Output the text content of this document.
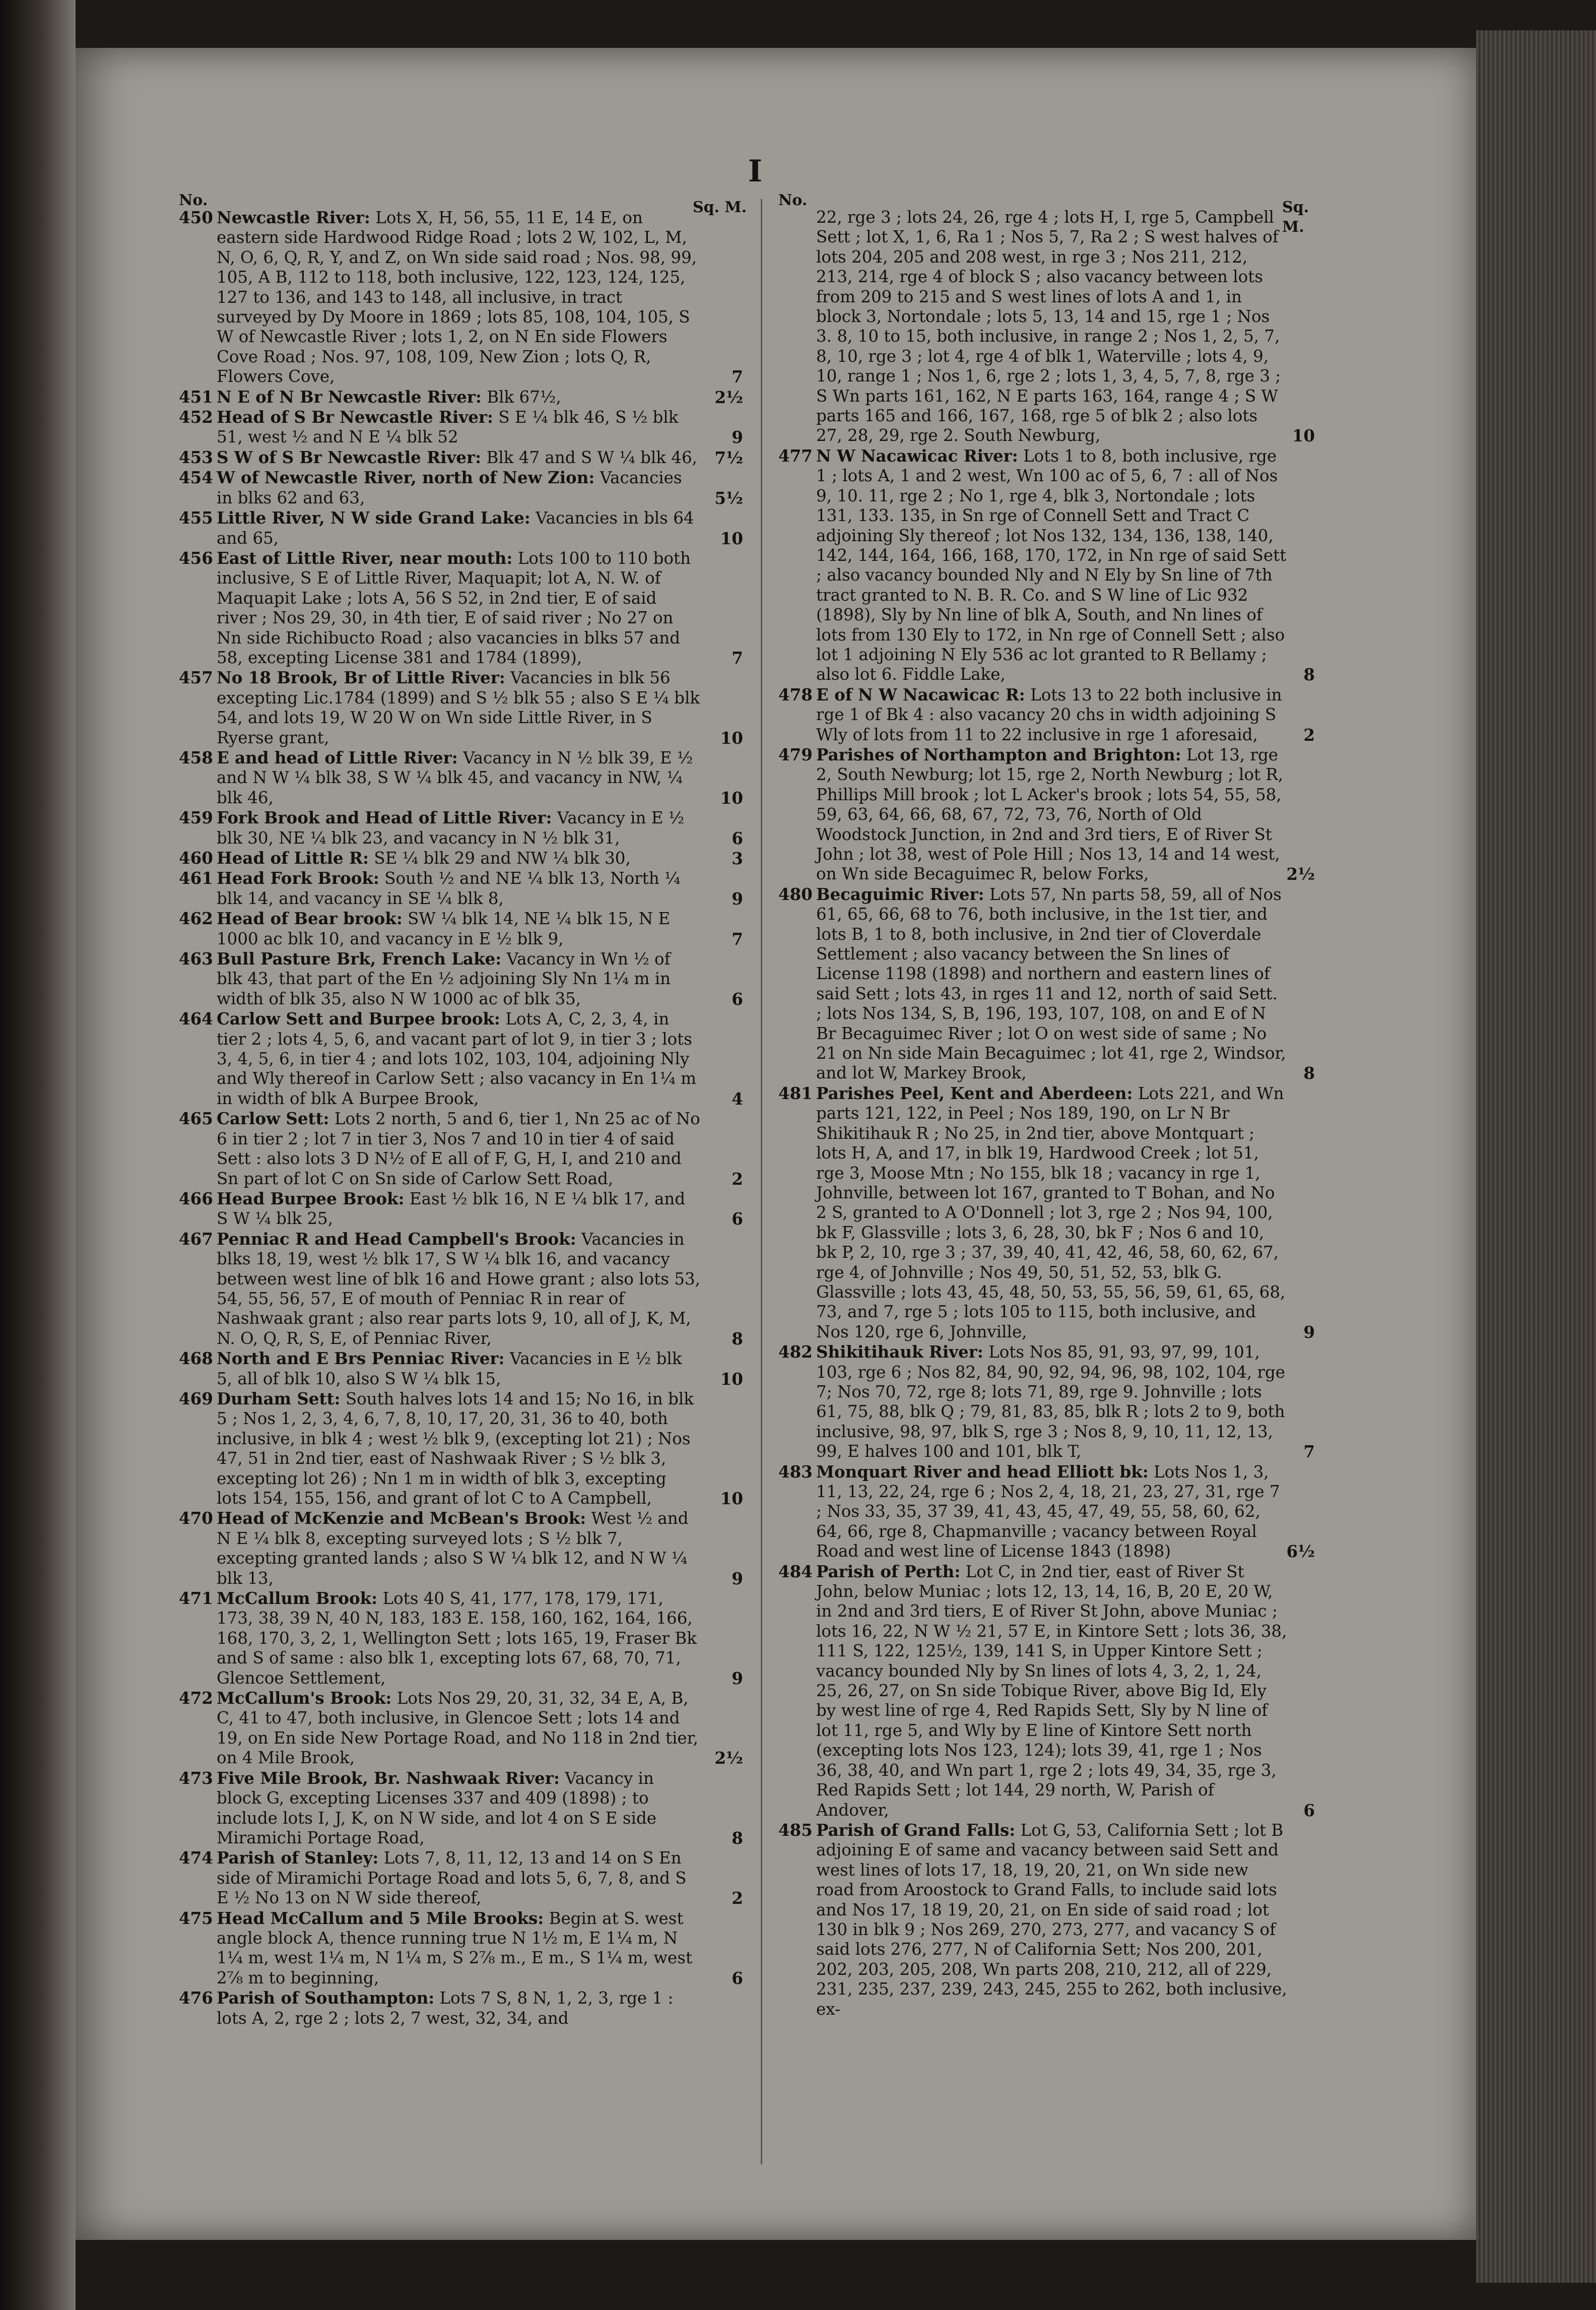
I
No.	Sq. M.
450 Newcastle River: Lots X, H, 56, 55, 11 E, 14 E, on eastern side Hardwood Ridge Road ; lots 2 W, 102, L, M, N, O, 6, Q, R, Y, and Z, on Wn side said road ; Nos. 98, 99, 105, A B, 112 to 118, both inclusive, 122, 123, 124, 125, 127 to 136, and 143 to 148, all inclusive, in tract surveyed by Dy Moore in 1869 ; lots 85, 108, 104, 105, S W of Newcastle River ; lots 1, 2, on N En side Flowers Cove Road ; Nos. 97, 108, 109, New Zion ; lots Q, R, Flowers Cove,	7
451 N E of N Br Newcastle River: Blk 67½,	2½
452 Head of S Br Newcastle River: S E ¼ blk 46, S ½ blk 51, west ½ and N E ¼ blk 52	9
453 S W of S Br Newcastle River: Blk 47 and S W ¼ blk 46, 7½
454 W of Newcastle River, north of New Zion: Vacancies in blks 62 and 63,	5½
455 Little River, N W side Grand Lake: Vacancies in bls 64 and 65,	10
456 East of Little River, near mouth: Lots 100 to 110 both inclusive, S E of Little River, Maquapit; lot A, N. W. of Maquapit Lake ; lots A, 56 S 52, in 2nd tier, E of said river ; Nos 29, 30, in 4th tier, E of said river ; No 27 on Nn side Richibucto Road ; also vacancies in blks 57 and 58, excepting License 381 and 1784 (1899),	7
457 No 18 Brook, Br of Little River: Vacancies in blk 56 excepting Lic.1784 (1899) and S ½ blk 55 ; also S E ¼ blk 54, and lots 19, W 20 W on Wn side Little River, in S Ryerse grant,	10
458 E and head of Little River: Vacancy in N ½ blk 39, E ½ and N W ¼ blk 38, S W ¼ blk 45, and vacancy in NW, ¼ blk 46,	10
459 Fork Brook and Head of Little River: Vacancy in E ½ blk 30, NE ¼ blk 23, and vacancy in N ½ blk 31,	6
460 Head of Little R: SE ¼ blk 29 and NW ¼ blk 30,	3
461 Head Fork Brook: South ½ and NE ¼ blk 13, North ¼ blk 14, and vacancy in SE ¼ blk 8,	9
462 Head of Bear brook: SW ¼ blk 14, NE ¼ blk 15, N E 1000 ac blk 10, and vacancy in E ½ blk 9,	7
463 Bull Pasture Brk, French Lake: Vacancy in Wn ½ of blk 43, that part of the En ½ adjoining Sly Nn 1¼ m in width of blk 35, also N W 1000 ac of blk 35,	6
464 Carlow Sett and Burpee brook: Lots A, C, 2, 3, 4, in tier 2 ; lots 4, 5, 6, and vacant part of lot 9, in tier 3 ; lots 3, 4, 5, 6, in tier 4 ; and lots 102, 103, 104, adjoining Nly and Wly thereof in Carlow Sett ; also vacancy in En 1¼ m in width of blk A Burpee Brook,	4
465 Carlow Sett: Lots 2 north, 5 and 6, tier 1, Nn 25 ac of No 6 in tier 2 ; lot 7 in tier 3, Nos 7 and 10 in tier 4 of said Sett : also lots 3 D N½ of E all of F, G, H, I, and 210 and Sn part of lot C on Sn side of Carlow Sett Road,	2
466 Head Burpee Brook: East ½ blk 16, N E ¼ blk 17, and S W ¼ blk 25,	6
467 Penniac R and Head Campbell's Brook: Vacancies in blks 18, 19, west ½ blk 17, S W ¼ blk 16, and vacancy between west line of blk 16 and Howe grant ; also lots 53, 54, 55, 56, 57, E of mouth of Penniac R in rear of Nashwaak grant ; also rear parts lots 9, 10, all of J, K, M, N. O, Q, R, S, E, of Penniac River,	8
468 North and E Brs Penniac River: Vacancies in E ½ blk 5, all of blk 10, also S W ¼ blk 15,	10
469 Durham Sett: South halves lots 14 and 15; No 16, in blk 5 ; Nos 1, 2, 3, 4, 6, 7, 8, 10, 17, 20, 31, 36 to 40, both inclusive, in blk 4 ; west ½ blk 9, (excepting lot 21) ; Nos 47, 51 in 2nd tier, east of Nashwaak River ; S ½ blk 3, excepting lot 26) ; Nn 1 m in width of blk 3, excepting lots 154, 155, 156, and grant of lot C to A Campbell,	10
470 Head of McKenzie and McBean's Brook: West ½ and N E ¼ blk 8, excepting surveyed lots ; S ½ blk 7, excepting granted lands ; also S W ¼ blk 12, and N W ¼ blk 13,	9
471 McCallum Brook: Lots 40 S, 41, 177, 178, 179, 171, 173, 38, 39 N, 40 N, 183, 183 E. 158, 160, 162, 164, 166, 168, 170, 3, 2, 1, Wellington Sett ; lots 165, 19, Fraser Bk and S of same : also blk 1, excepting lots 67, 68, 70, 71, Glencoe Settlement,	9
472 McCallum's Brook: Lots Nos 29, 20, 31, 32, 34 E, A, B, C, 41 to 47, both inclusive, in Glencoe Sett ; lots 14 and 19, on En side New Portage Road, and No 118 in 2nd tier, on 4 Mile Brook,	2½
473 Five Mile Brook, Br. Nashwaak River: Vacancy in block G, excepting Licenses 337 and 409 (1898) ; to include lots I, J, K, on N W side, and lot 4 on S E side Miramichi Portage Road,	8
474 Parish of Stanley: Lots 7, 8, 11, 12, 13 and 14 on S En side of Miramichi Portage Road and lots 5, 6, 7, 8, and S E ½ No 13 on N W side thereof,	2
475 Head McCallum and 5 Mile Brooks: Begin at S. west angle block A, thence running true N 1½ m, E 1¼ m, N 1¼ m, west 1¼ m, N 1¼ m, S 2⅞ m., E m., S 1¼ m, west 2⅞ m to beginning,	6
476 Parish of Southampton: Lots 7 S, 8 N, 1, 2, 3, rge 1 : lots A, 2, rge 2 ; lots 2, 7 west, 32, 34, and
No.	Sq. M.
22, rge 3 ; lots 24, 26, rge 4 ; lots H, I, rge 5, Campbell Sett ; lot X, 1, 6, Ra 1 ; Nos 5, 7, Ra 2 ; S west halves of lots 204, 205 and 208 west, in rge 3 ; Nos 211, 212, 213, 214, rge 4 of block S ; also vacancy between lots from 209 to 215 and S west lines of lots A and 1, in block 3, Nortondale ; lots 5, 13, 14 and 15, rge 1 ; Nos 3. 8, 10 to 15, both inclusive, in range 2 ; Nos 1, 2, 5, 7, 8, 10, rge 3 ; lot 4, rge 4 of blk 1, Waterville ; lots 4, 9, 10, range 1 ; Nos 1, 6, rge 2 ; lots 1, 3, 4, 5, 7, 8, rge 3 ; S Wn parts 161, 162, N E parts 163, 164, range 4 ; S W parts 165 and 166, 167, 168, rge 5 of blk 2 ; also lots 27, 28, 29, rge 2. South Newburg,	10
477 N W Nacawicac River: Lots 1 to 8, both inclusive, rge 1 ; lots A, 1 and 2 west, Wn 100 ac of 5, 6, 7 : all of Nos 9, 10. 11, rge 2 ; No 1, rge 4, blk 3, Nortondale ; lots 131, 133. 135, in Sn rge of Connell Sett and Tract C adjoining Sly thereof ; lot Nos 132, 134, 136, 138, 140, 142, 144, 164, 166, 168, 170, 172, in Nn rge of said Sett ; also vacancy bounded Nly and N Ely by Sn line of 7th tract granted to N. B. R. Co. and S W line of Lic 932 (1898), Sly by Nn line of blk A, South, and Nn lines of lots from 130 Ely to 172, in Nn rge of Connell Sett ; also lot 1 adjoining N Ely 536 ac lot granted to R Bellamy ; also lot 6. Fiddle Lake,	8
478 E of N W Nacawicac R: Lots 13 to 22 both inclusive in rge 1 of Bk 4 : also vacancy 20 chs in width adjoining S Wly of lots from 11 to 22 inclusive in rge 1 aforesaid,	2
479 Parishes of Northampton and Brighton: Lot 13, rge 2, South Newburg; lot 15, rge 2, North Newburg ; lot R, Phillips Mill brook ; lot L Acker's brook ; lots 54, 55, 58, 59, 63, 64, 66, 68, 67, 72, 73, 76, North of Old Woodstock Junction, in 2nd and 3rd tiers, E of River St John ; lot 38, west of Pole Hill ; Nos 13, 14 and 14 west, on Wn side Becaguimec R, below Forks,	2½
480 Becaguimic River: Lots 57, Nn parts 58, 59, all of Nos 61, 65, 66, 68 to 76, both inclusive, in the 1st tier, and lots B, 1 to 8, both inclusive, in 2nd tier of Cloverdale Settlement ; also vacancy between the Sn lines of License 1198 (1898) and northern and eastern lines of said Sett ; lots 43, in rges 11 and 12, north of said Sett. ; lots Nos 134, S, B, 196, 193, 107, 108, on and E of N Br Becaguimec River ; lot O on west side of same ; No 21 on Nn side Main Becaguimec ; lot 41, rge 2, Windsor, and lot W, Markey Brook,	8
481 Parishes Peel, Kent and Aberdeen: Lots 221, and Wn parts 121, 122, in Peel ; Nos 189, 190, on Lr N Br Shikitihauk R ; No 25, in 2nd tier, above Montquart ; lots H, A, and 17, in blk 19, Hardwood Creek ; lot 51, rge 3, Moose Mtn ; No 155, blk 18 ; vacancy in rge 1, Johnville, between lot 167, granted to T Bohan, and No 2 S, granted to A O'Donnell ; lot 3, rge 2 ; Nos 94, 100, bk F, Glassville ; lots 3, 6, 28, 30, bk F ; Nos 6 and 10, bk P, 2, 10, rge 3 ; 37, 39, 40, 41, 42, 46, 58, 60, 62, 67, rge 4, of Johnville ; Nos 49, 50, 51, 52, 53, blk G. Glassville ; lots 43, 45, 48, 50, 53, 55, 56, 59, 61, 65, 68, 73, and 7, rge 5 ; lots 105 to 115, both inclusive, and Nos 120, rge 6, Johnville,	9
482 Shikitihauk River: Lots Nos 85, 91, 93, 97, 99, 101, 103, rge 6 ; Nos 82, 84, 90, 92, 94, 96, 98, 102, 104, rge 7; Nos 70, 72, rge 8; lots 71, 89, rge 9. Johnville ; lots 61, 75, 88, blk Q ; 79, 81, 83, 85, blk R ; lots 2 to 9, both inclusive, 98, 97, blk S, rge 3 ; Nos 8, 9, 10, 11, 12, 13, 99, E halves 100 and 101, blk T,	7
483 Monquart River and head Elliott bk: Lots Nos 1, 3, 11, 13, 22, 24, rge 6 ; Nos 2, 4, 18, 21, 23, 27, 31, rge 7 ; Nos 33, 35, 37 39, 41, 43, 45, 47, 49, 55, 58, 60, 62, 64, 66, rge 8, Chapmanville ; vacancy between Royal Road and west line of License 1843 (1898)	6½
484 Parish of Perth: Lot C, in 2nd tier, east of River St John, below Muniac ; lots 12, 13, 14, 16, B, 20 E, 20 W, in 2nd and 3rd tiers, E of River St John, above Muniac ; lots 16, 22, N W ½ 21, 57 E, in Kintore Sett ; lots 36, 38, 111 S, 122, 125½, 139, 141 S, in Upper Kintore Sett ; vacancy bounded Nly by Sn lines of lots 4, 3, 2, 1, 24, 25, 26, 27, on Sn side Tobique River, above Big Id, Ely by west line of rge 4, Red Rapids Sett, Sly by N line of lot 11, rge 5, and Wly by E line of Kintore Sett north (excepting lots Nos 123, 124); lots 39, 41, rge 1 ; Nos 36, 38, 40, and Wn part 1, rge 2 ; lots 49, 34, 35, rge 3, Red Rapids Sett ; lot 144, 29 north, W, Parish of Andover,	6
485 Parish of Grand Falls: Lot G, 53, California Sett ; lot B adjoining E of same and vacancy between said Sett and west lines of lots 17, 18, 19, 20, 21, on Wn side new road from Aroostock to Grand Falls, to include said lots and Nos 17, 18 19, 20, 21, on En side of said road ; lot 130 in blk 9 ; Nos 269, 270, 273, 277, and vacancy S of said lots 276, 277, N of California Sett; Nos 200, 201, 202, 203, 205, 208, Wn parts 208, 210, 212, all of 229, 231, 235, 237, 239, 243, 245, 255 to 262, both inclusive, ex-
